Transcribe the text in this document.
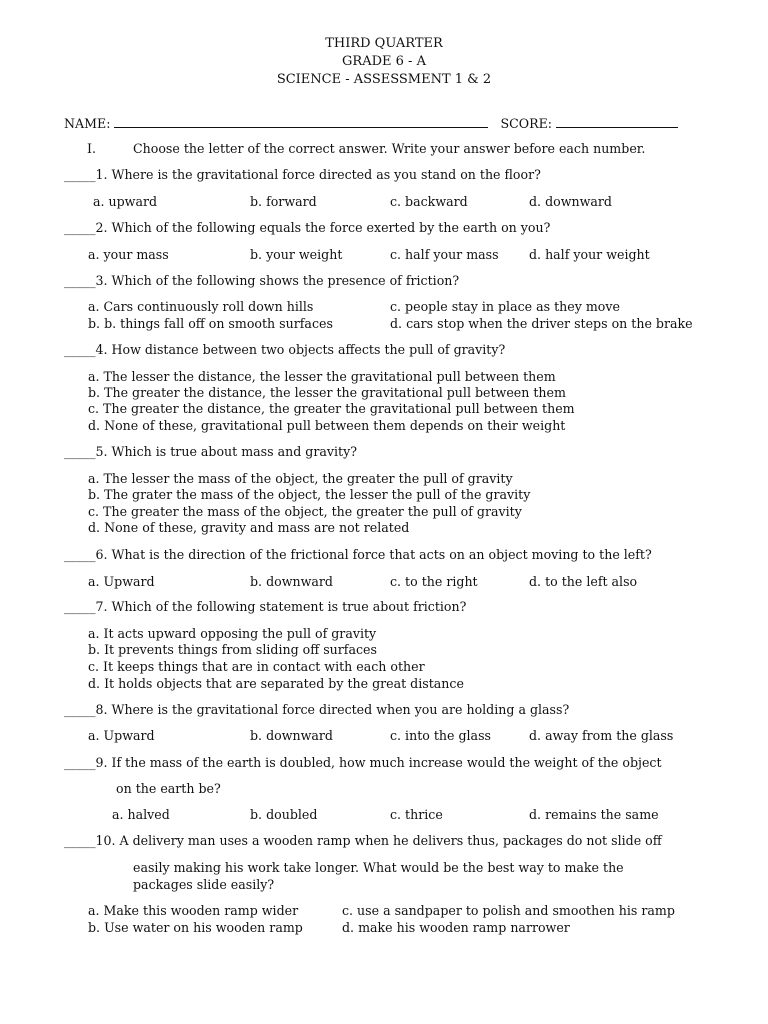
THIRD QUARTER
GRADE 6 - A
SCIENCE - ASSESSMENT 1 & 2
NAME:	SCORE:
I.	Choose the letter of the correct answer. Write your answer before each number.
_____1. Where is the gravitational force directed as you stand on the floor?
a. upward	b. forward	c. backward	d. downward
_____2. Which of the following equals the force exerted by the earth on you?
a. your mass	b. your weight	c. half your mass d. half your weight
_____3. Which of the following shows the presence of friction?
a. Cars continuously roll down hills	c. people stay in place as they move
b. b. things fall off on smooth surfaces	d. cars stop when the driver steps on the brake
_____4. How distance between two objects affects the pull of gravity?
a. The lesser the distance, the lesser the gravitational pull between them
b. The greater the distance, the lesser the gravitational pull between them
c. The greater the distance, the greater the gravitational pull between them
d. None of these, gravitational pull between them depends on their weight
_____5. Which is true about mass and gravity?
a. The lesser the mass of the object, the greater the pull of gravity
b. The grater the mass of the object, the lesser the pull of the gravity
c. The greater the mass of the object, the greater the pull of gravity
d. None of these, gravity and mass are not related
_____6. What is the direction of the frictional force that acts on an object moving to the left?
a. Upward	b. downward	c. to the right	d. to the left also
_____7. Which of the following statement is true about friction?
a. It acts upward opposing the pull of gravity
b. It prevents things from sliding off surfaces
c. It keeps things that are in contact with each other
d. It holds objects that are separated by the great distance
_____8. Where is the gravitational force directed when you are holding a glass?
a. Upward	b. downward	c. into the glass	d. away from the glass
_____9. If the mass of the earth is doubled, how much increase would the weight of the object
on the earth be?
a. halved	b. doubled	c. thrice	d. remains the same
_____10. A delivery man uses a wooden ramp when he delivers thus, packages do not slide off
easily making his work take longer. What would be the best way to make the
packages slide easily?
a. Make this wooden ramp wider	c. use a sandpaper to polish and smoothen his ramp
b. Use water on his wooden ramp	d. make his wooden ramp narrower
